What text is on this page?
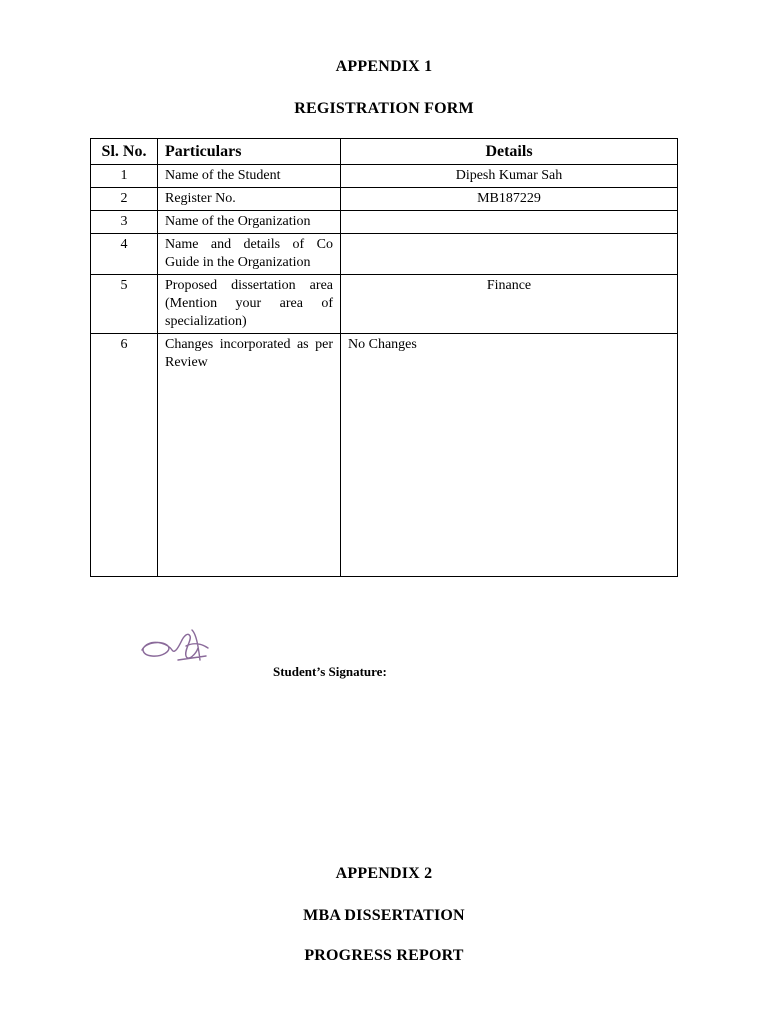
APPENDIX 1
REGISTRATION FORM
Sl. No.	Particulars	Details
1	Name of the Student	Dipesh Kumar Sah
2	Register No.	MB187229
3	Name of the Organization	
4	Name and details of Co Guide in the Organization	
5	Proposed dissertation area (Mention your area of specialization)	Finance
6	Changes incorporated as per Review	No Changes
Student’s Signature:
APPENDIX 2
MBA DISSERTATION
PROGRESS REPORT
